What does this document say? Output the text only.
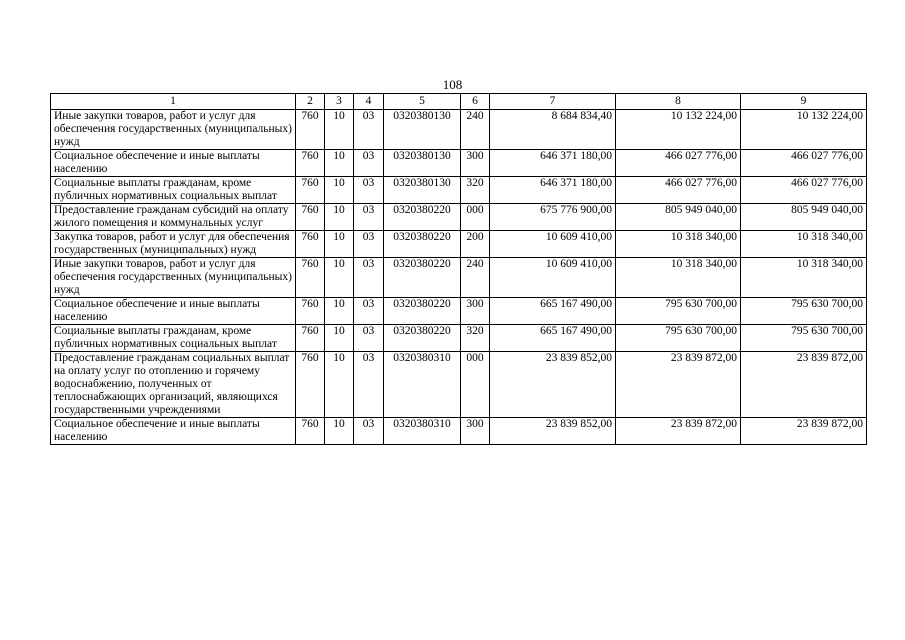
108
1	2	3	4	5	6	7	8	9
Иные закупки товаров, работ и услуг для обеспечения государственных (муниципальных) нужд	760	10	03	0320380130	240	8 684 834,40	10 132 224,00	10 132 224,00
Социальное обеспечение и иные выплаты населению	760	10	03	0320380130	300	646 371 180,00	466 027 776,00	466 027 776,00
Социальные выплаты гражданам, кроме публичных нормативных социальных выплат	760	10	03	0320380130	320	646 371 180,00	466 027 776,00	466 027 776,00
Предоставление гражданам субсидий на оплату жилого помещения и коммунальных услуг	760	10	03	0320380220	000	675 776 900,00	805 949 040,00	805 949 040,00
Закупка товаров, работ и услуг для обеспечения государственных (муниципальных) нужд	760	10	03	0320380220	200	10 609 410,00	10 318 340,00	10 318 340,00
Иные закупки товаров, работ и услуг для обеспечения государственных (муниципальных) нужд	760	10	03	0320380220	240	10 609 410,00	10 318 340,00	10 318 340,00
Социальное обеспечение и иные выплаты населению	760	10	03	0320380220	300	665 167 490,00	795 630 700,00	795 630 700,00
Социальные выплаты гражданам, кроме публичных нормативных социальных выплат	760	10	03	0320380220	320	665 167 490,00	795 630 700,00	795 630 700,00
Предоставление гражданам социальных выплат на оплату услуг по отоплению и горячему водоснабжению, полученных от теплоснабжающих организаций, являющихся государственными учреждениями	760	10	03	0320380310	000	23 839 852,00	23 839 872,00	23 839 872,00
Социальное обеспечение и иные выплаты населению	760	10	03	0320380310	300	23 839 852,00	23 839 872,00	23 839 872,00
